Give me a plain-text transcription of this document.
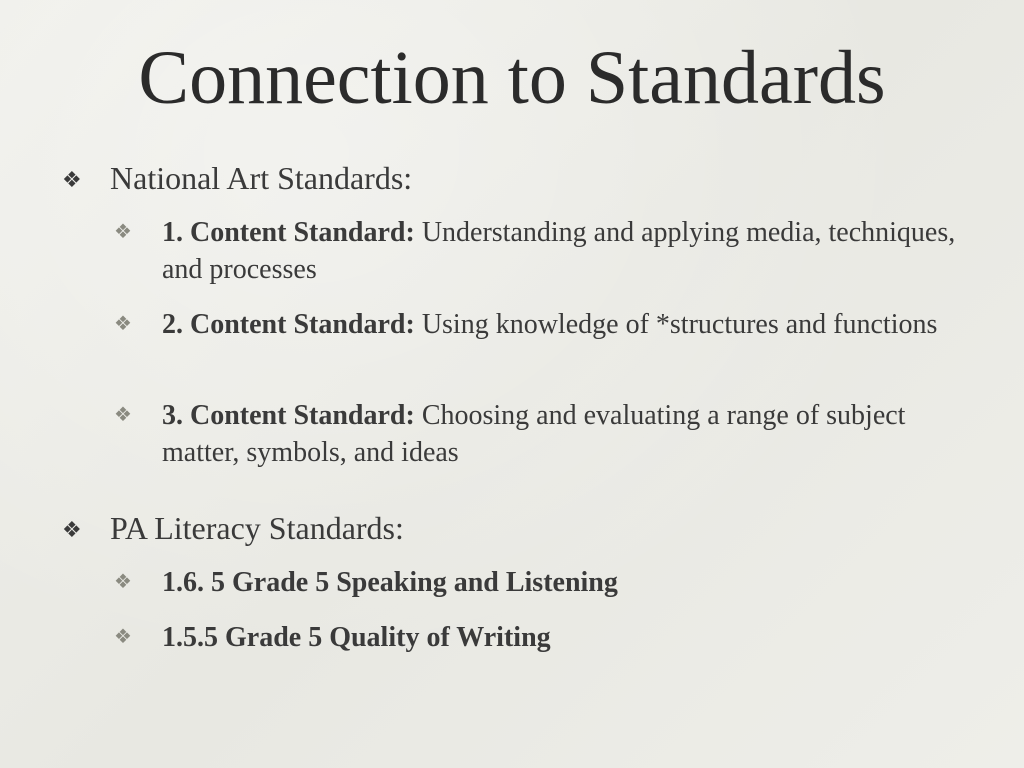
Connection to Standards
❖ National Art Standards:
❖ 1. Content Standard: Understanding and applying media, techniques, and processes
❖ 2. Content Standard: Using knowledge of *structures and functions
❖ 3. Content Standard: Choosing and evaluating a range of subject matter, symbols, and ideas
❖ PA Literacy Standards:
❖ 1.6. 5 Grade 5 Speaking and Listening
❖ 1.5.5 Grade 5 Quality of Writing
